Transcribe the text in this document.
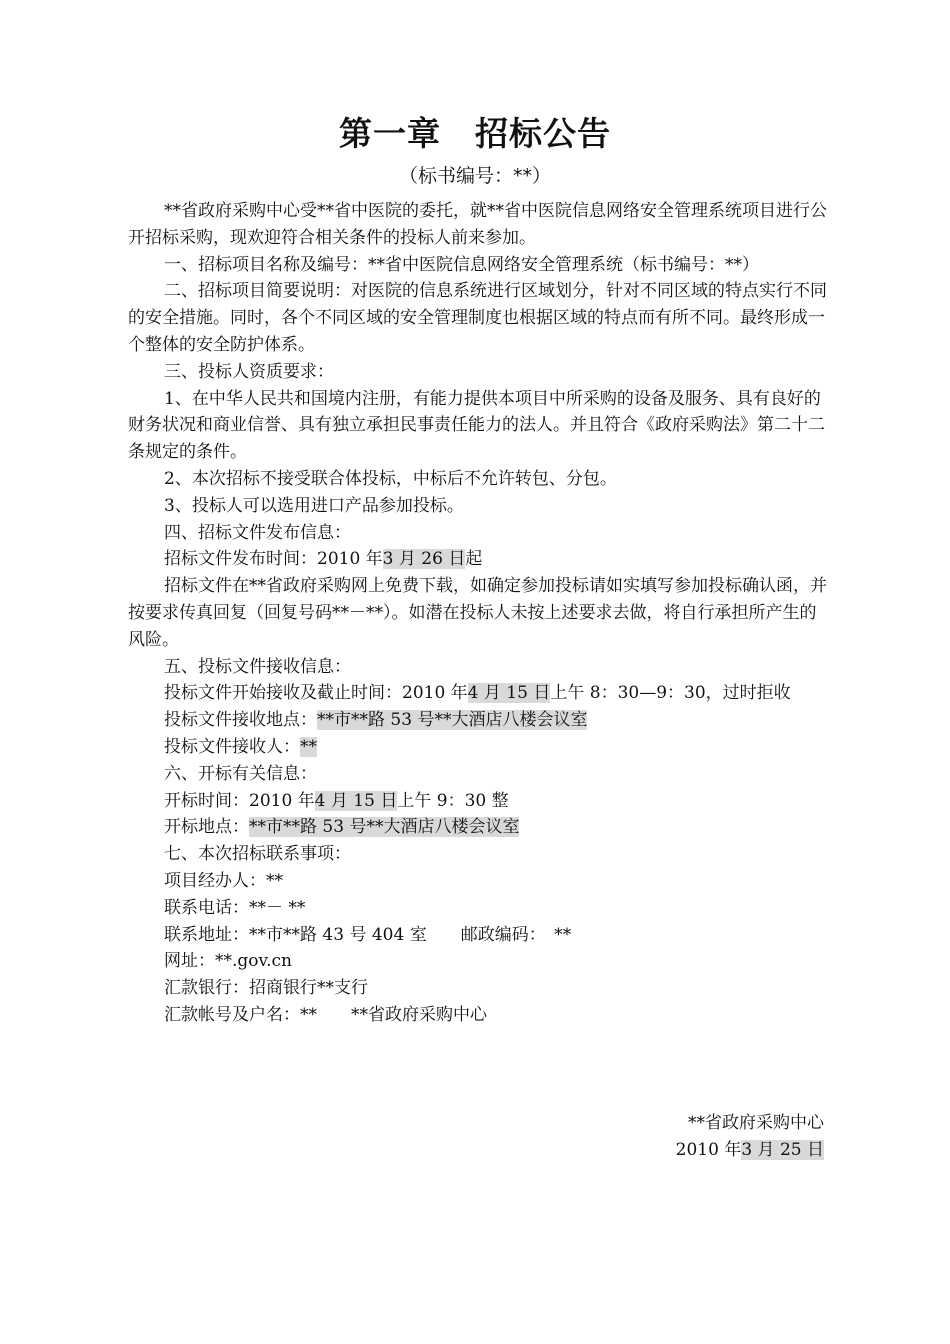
第一章　招标公告
（标书编号：**）

**省政府采购中心受**省中医院的委托，就**省中医院信息网络安全管理系统项目进行公开招标采购，现欢迎符合相关条件的投标人前来参加。

一、招标项目名称及编号：**省中医院信息网络安全管理系统（标书编号：**）

二、招标项目简要说明：对医院的信息系统进行区域划分，针对不同区域的特点实行不同的安全措施。同时，各个不同区域的安全管理制度也根据区域的特点而有所不同。最终形成一个整体的安全防护体系。

三、投标人资质要求：

1、在中华人民共和国境内注册，有能力提供本项目中所采购的设备及服务、具有良好的财务状况和商业信誉、具有独立承担民事责任能力的法人。并且符合《政府采购法》第二十二条规定的条件。

2、本次招标不接受联合体投标，中标后不允许转包、分包。

3、投标人可以选用进口产品参加投标。

四、招标文件发布信息：

招标文件发布时间：2010 年3 月 26 日起

招标文件在**省政府采购网上免费下载，如确定参加投标请如实填写参加投标确认函，并按要求传真回复（回复号码**－**）。如潜在投标人未按上述要求去做，将自行承担所产生的风险。

五、投标文件接收信息：

投标文件开始接收及截止时间：2010 年4 月 15 日上午 8：30—9：30，过时拒收

投标文件接收地点：**市**路 53 号**大酒店八楼会议室

投标文件接收人：**

六、开标有关信息：

开标时间：2010 年4 月 15 日上午 9：30 整

开标地点：**市**路 53 号**大酒店八楼会议室

七、本次招标联系事项：

项目经办人：**

联系电话：**－ **

联系地址：**市**路 43 号 404 室　　邮政编码：　**

网址：**.gov.cn

汇款银行：招商银行**支行

汇款帐号及户名：**　　**省政府采购中心

**省政府采购中心

2010 年3 月 25 日
